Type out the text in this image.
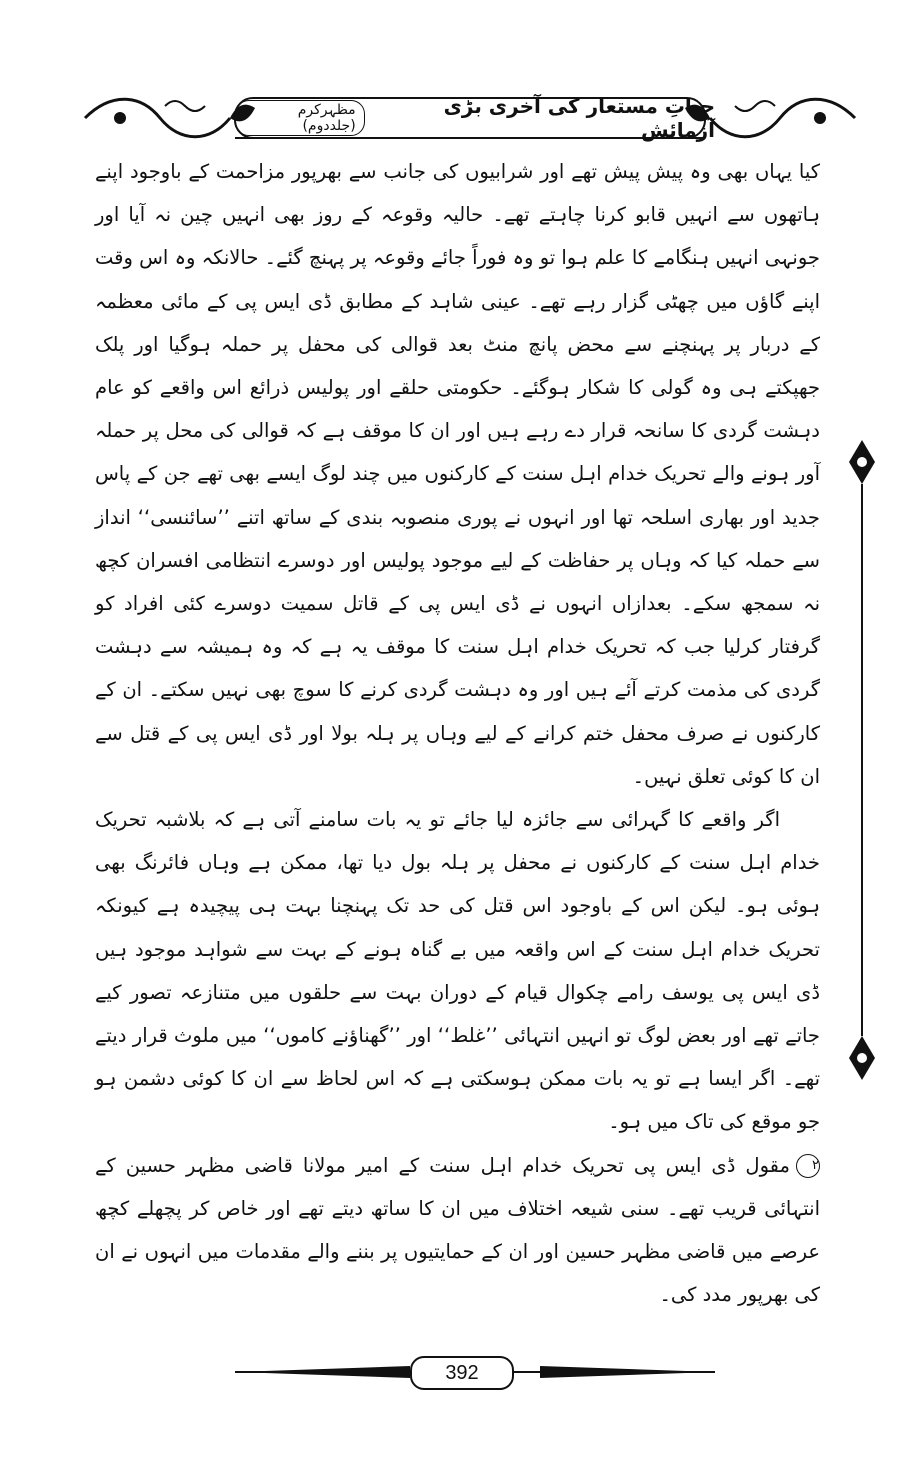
حیاتِ مستعار کی آخری بڑی آزمائش
مظہرکرم (جلددوم)

کیا یہاں بھی وہ پیش پیش تھے اور شرابیوں کی جانب سے بھرپور مزاحمت کے باوجود اپنے ہاتھوں سے انہیں قابو کرنا چاہتے تھے۔ حالیہ وقوعہ کے روز بھی انہیں چین نہ آیا اور جونہی انہیں ہنگامے کا علم ہوا تو وہ فوراً جائے وقوعہ پر پہنچ گئے۔ حالانکہ وہ اس وقت اپنے گاؤں میں چھٹی گزار رہے تھے۔ عینی شاہد کے مطابق ڈی ایس پی کے مائی معظمہ کے دربار پر پہنچنے سے محض پانچ منٹ بعد قوالی کی محفل پر حملہ ہوگیا اور پلک جھپکتے ہی وہ گولی کا شکار ہوگئے۔ حکومتی حلقے اور پولیس ذرائع اس واقعے کو عام دہشت گردی کا سانحہ قرار دے رہے ہیں اور ان کا موقف ہے کہ قوالی کی محل پر حملہ آور ہونے والے تحریک خدام اہل سنت کے کارکنوں میں چند لوگ ایسے بھی تھے جن کے پاس جدید اور بھاری اسلحہ تھا اور انہوں نے پوری منصوبہ بندی کے ساتھ اتنے ’’سائنسی‘‘ انداز سے حملہ کیا کہ وہاں پر حفاظت کے لیے موجود پولیس اور دوسرے انتظامی افسران کچھ نہ سمجھ سکے۔ بعدازاں انہوں نے ڈی ایس پی کے قاتل سمیت دوسرے کئی افراد کو گرفتار کرلیا جب کہ تحریک خدام اہل سنت کا موقف یہ ہے کہ وہ ہمیشہ سے دہشت گردی کی مذمت کرتے آئے ہیں اور وہ دہشت گردی کرنے کا سوچ بھی نہیں سکتے۔ ان کے کارکنوں نے صرف محفل ختم کرانے کے لیے وہاں پر ہلہ بولا اور ڈی ایس پی کے قتل سے ان کا کوئی تعلق نہیں۔

اگر واقعے کا گہرائی سے جائزہ لیا جائے تو یہ بات سامنے آتی ہے کہ بلاشبہ تحریک خدام اہل سنت کے کارکنوں نے محفل پر ہلہ بول دیا تھا، ممکن ہے وہاں فائرنگ بھی ہوئی ہو۔ لیکن اس کے باوجود اس قتل کی حد تک پہنچنا بہت ہی پیچیدہ ہے کیونکہ تحریک خدام اہل سنت کے اس واقعہ میں بے گناہ ہونے کے بہت سے شواہد موجود ہیں ڈی ایس پی یوسف رامے چکوال قیام کے دوران بہت سے حلقوں میں متنازعہ تصور کیے جاتے تھے اور بعض لوگ تو انہیں انتہائی ’’غلط‘‘ اور ’’گھناؤنے کاموں‘‘ میں ملوث قرار دیتے تھے۔ اگر ایسا ہے تو یہ بات ممکن ہوسکتی ہے کہ اس لحاظ سے ان کا کوئی دشمن ہو جو موقع کی تاک میں ہو۔

۲مقول ڈی ایس پی تحریک خدام اہل سنت کے امیر مولانا قاضی مظہر حسین کے انتہائی قریب تھے۔ سنی شیعہ اختلاف میں ان کا ساتھ دیتے تھے اور خاص کر پچھلے کچھ عرصے میں قاضی مظہر حسین اور ان کے حمایتیوں پر بننے والے مقدمات میں انہوں نے ان کی بھرپور مدد کی۔

392
